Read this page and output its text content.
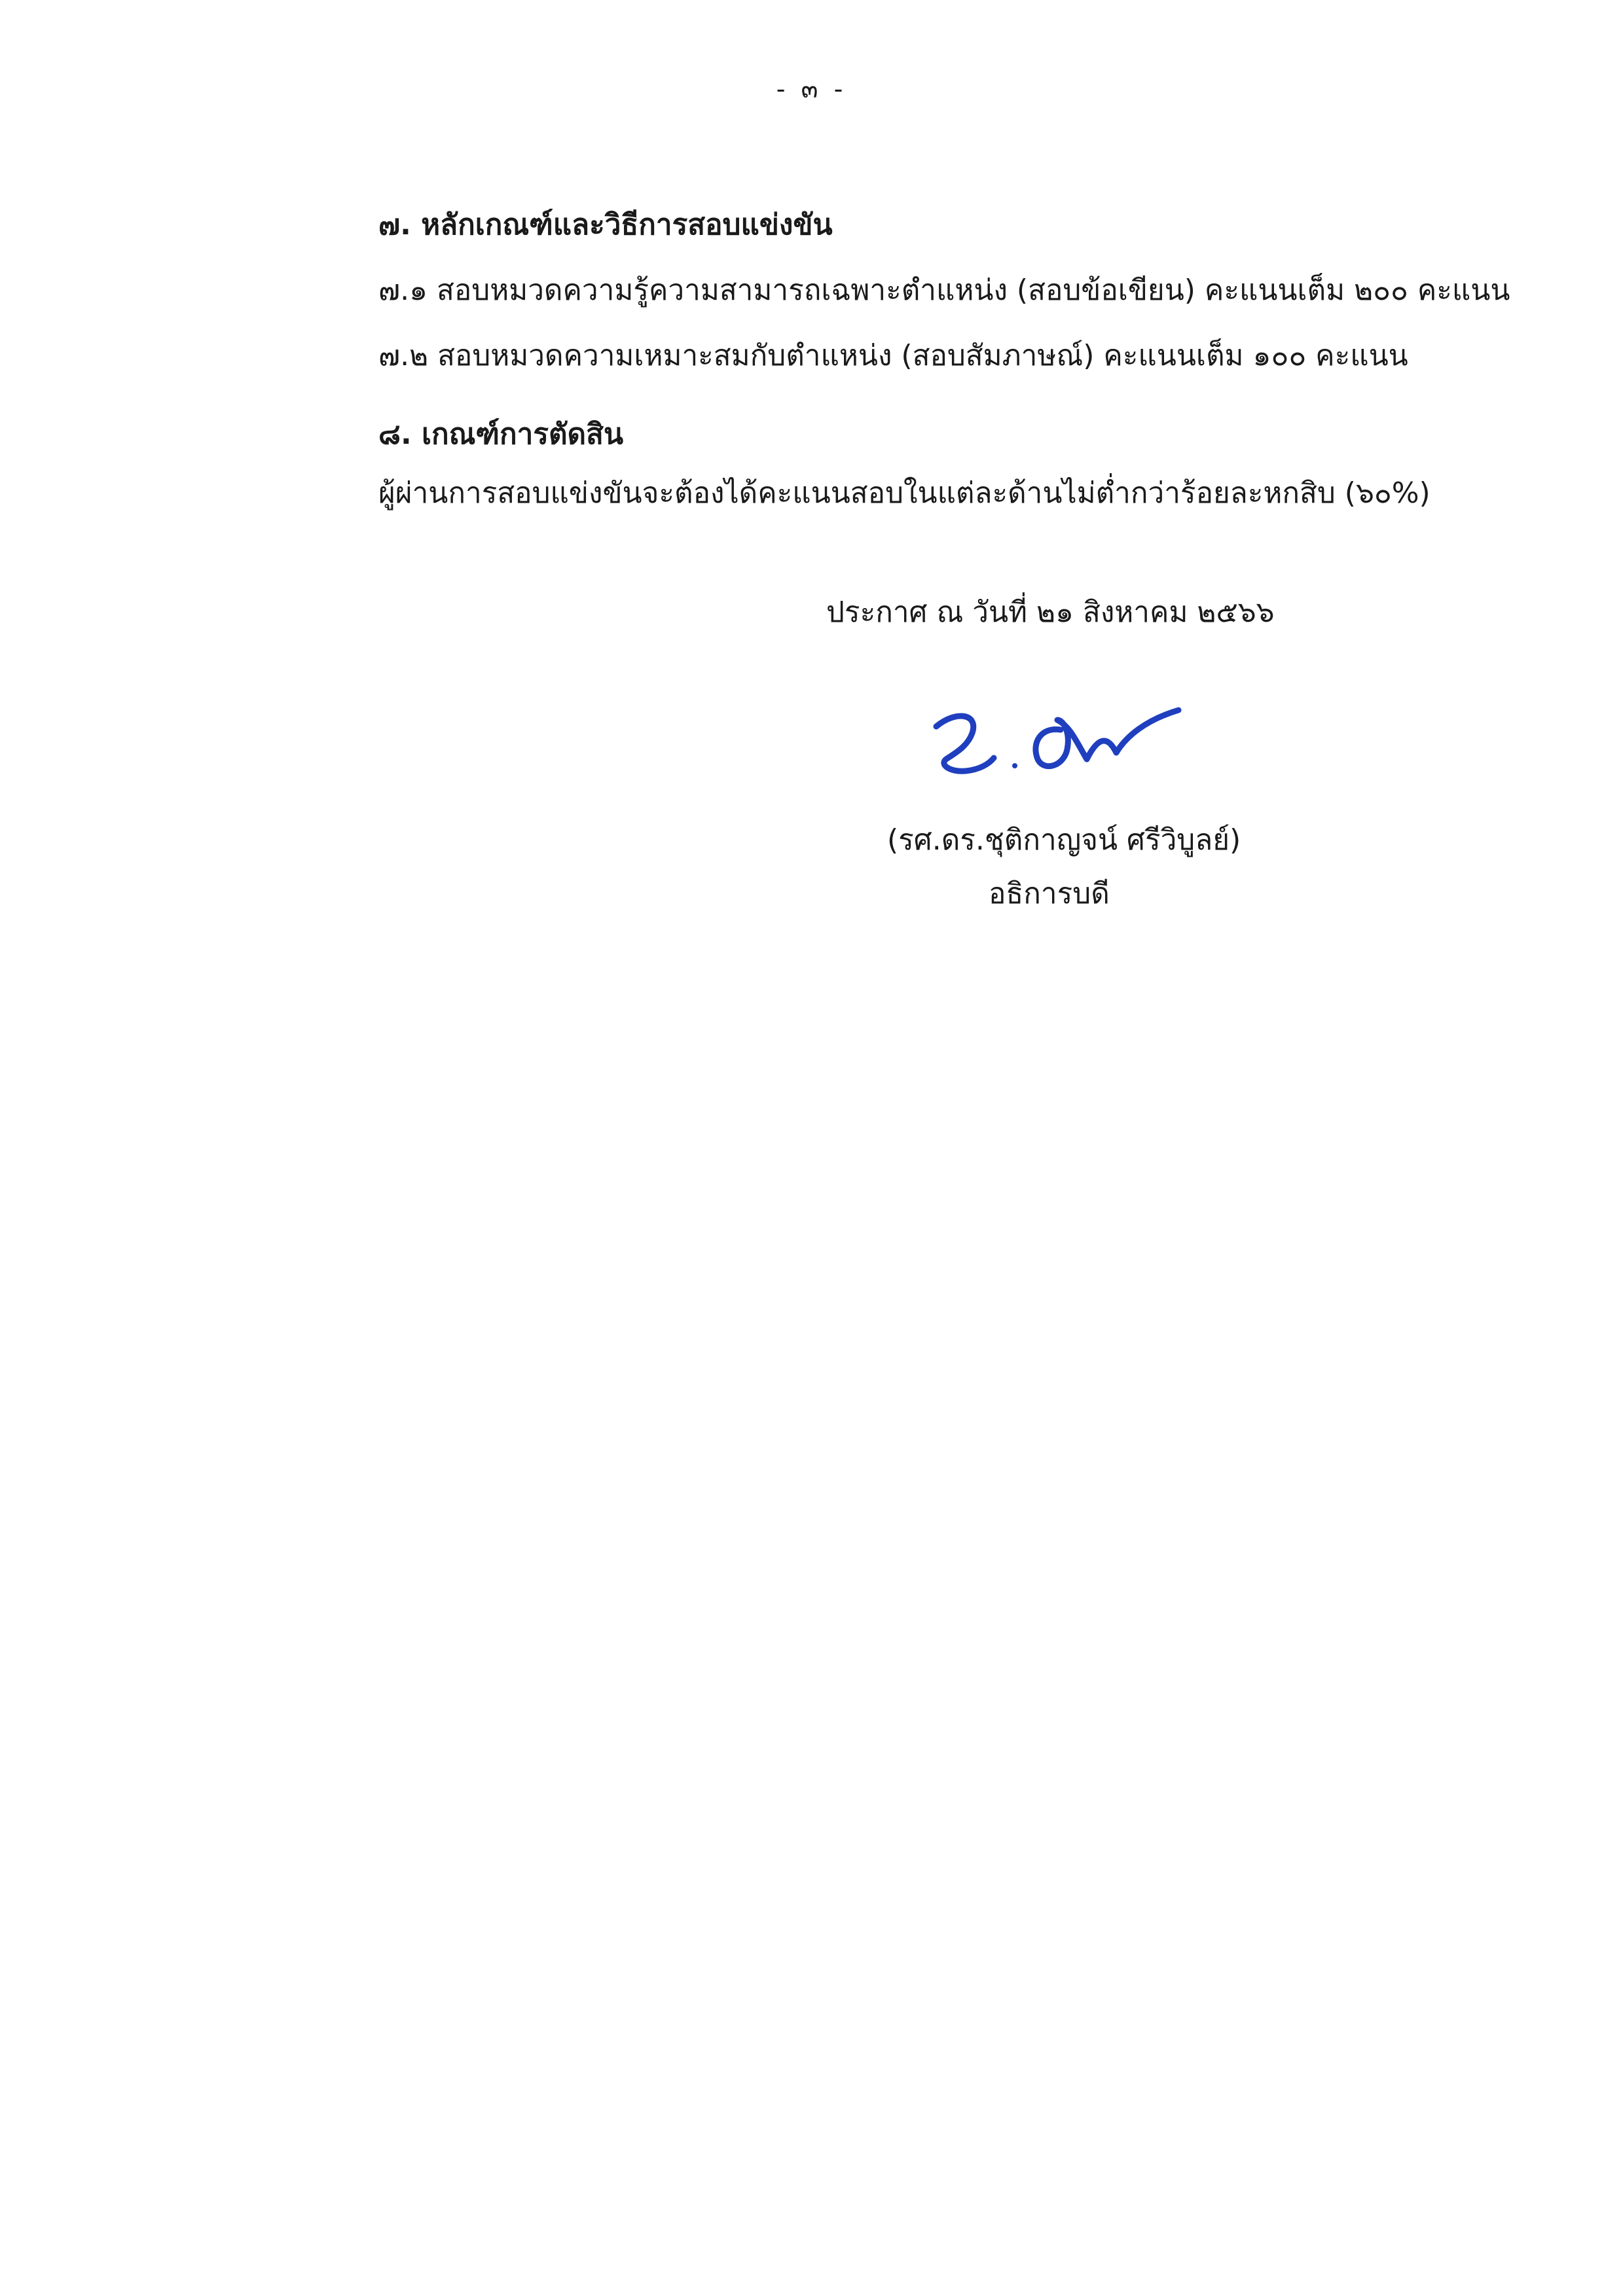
- ๓ -

๗. หลักเกณฑ์และวิธีการสอบแข่งขัน

๗.๑ สอบหมวดความรู้ความสามารถเฉพาะตำแหน่ง (สอบข้อเขียน) คะแนนเต็ม ๒๐๐ คะแนน

๗.๒ สอบหมวดความเหมาะสมกับตำแหน่ง (สอบสัมภาษณ์) คะแนนเต็ม ๑๐๐ คะแนน

๘. เกณฑ์การตัดสิน

ผู้ผ่านการสอบแข่งขันจะต้องได้คะแนนสอบในแต่ละด้านไม่ต่ำกว่าร้อยละหกสิบ (๖๐%)

ประกาศ ณ วันที่ ๒๑ สิงหาคม ๒๕๖๖
(รศ.ดร.ชุติกาญจน์ ศรีวิบูลย์)
อธิการบดี
